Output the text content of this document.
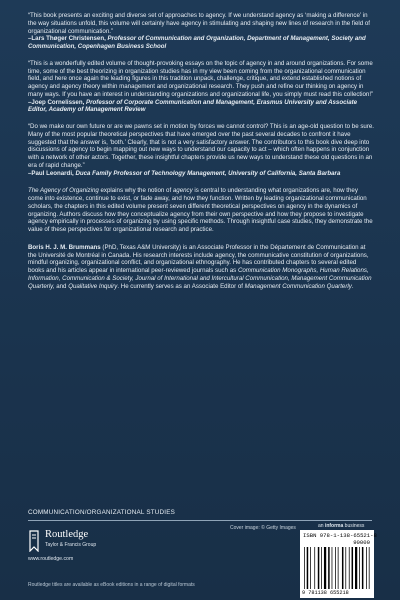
“This book presents an exciting and diverse set of approaches to agency. If we understand agency as ‘making a difference’ in the way situations unfold, this volume will certainly have agency in stimulating and shaping new lines of research in the field of organizational communication.”

–Lars Thøger Christensen, Professor of Communication and Organization, Department of Management, Society and Communication, Copenhagen Business School

“This is a wonderfully edited volume of thought-provoking essays on the topic of agency in and around organizations. For some time, some of the best theorizing in organization studies has in my view been coming from the organizational communication field, and here once again the leading figures in this tradition unpack, challenge, critique, and extend established notions of agency and agency theory within management and organizational research. They push and refine our thinking on agency in many ways. If you have an interest in understanding organizations and organizational life, you simply must read this collection!”

–Joep Cornelissen, Professor of Corporate Communication and Management, Erasmus University and Associate Editor, Academy of Management Review

“Do we make our own future or are we pawns set in motion by forces we cannot control? This is an age-old question to be sure. Many of the most popular theoretical perspectives that have emerged over the past several decades to confront it have suggested that the answer is, ‘both.’ Clearly, that is not a very satisfactory answer. The contributors to this book dive deep into discussions of agency to begin mapping out new ways to understand our capacity to act – which often happens in conjunction with a network of other actors. Together, these insightful chapters provide us new ways to understand these old questions in an era of rapid change.”

–Paul Leonardi, Duca Family Professor of Technology Management, University of California, Santa Barbara

The Agency of Organizing explains why the notion of agency is central to understanding what organizations are, how they come into existence, continue to exist, or fade away, and how they function. Written by leading organizational communication scholars, the chapters in this edited volume present seven different theoretical perspectives on agency in the dynamics of organizing. Authors discuss how they conceptualize agency from their own perspective and how they propose to investigate agency empirically in processes of organizing by using specific methods. Through insightful case studies, they demonstrate the value of these perspectives for organizational research and practice.

Boris H. J. M. Brummans (PhD, Texas A&M University) is an Associate Professor in the Département de Communication at the Université de Montréal in Canada. His research interests include agency, the communicative constitution of organizations, mindful organizing, organizational conflict, and organizational ethnography. He has contributed chapters to several edited books and his articles appear in international peer-reviewed journals such as Communication Monographs, Human Relations, Information, Communication & Society, Journal of International and Intercultural Communication, Management Communication Quarterly, and Qualitative Inquiry. He currently serves as an Associate Editor of Management Communication Quarterly.

COMMUNICATION/ORGANIZATIONAL STUDIES
Cover image: © Getty Images	an informa business
Routledge
Taylor & Francis Group
www.routledge.com
Routledge titles are available as eBook editions in a range of digital formats
ISBN 978-1-138-65521-8
90000
9 781138 655218
